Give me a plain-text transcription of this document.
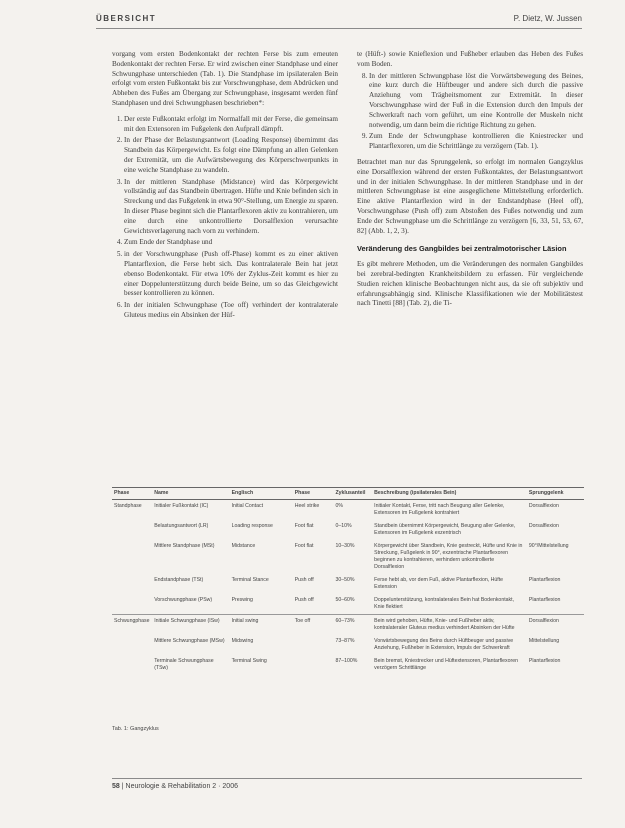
ÜBERSICHT	P. Dietz, W. Jussen

vorgang vom ersten Bodenkontakt der rechten Ferse bis zum erneuten Bodenkontakt der rechten Ferse. Er wird zwischen einer Standphase und einer Schwungphase unterschieden (Tab. 1). Die Standphase im ipsilateralen Bein erfolgt vom ersten Fußkontakt bis zur Vorschwungphase, dem Abdrücken und Abheben des Fußes am Übergang zur Schwungphase, insgesamt werden fünf Standphasen und drei Schwungphasen beschrieben*:

1. Der erste Fußkontakt erfolgt im Normalfall mit der Ferse, die gemeinsam mit den Extensoren im Fußgelenk den Aufprall dämpft.
2. In der Phase der Belastungsantwort (Loading Response) übernimmt das Standbein das Körpergewicht. Es folgt eine Dämpfung an allen Gelenken der Extremität, um die Aufwärtsbewegung des Körperschwerpunkts in eine weiche Standphase zu wandeln.
3. In der mittleren Standphase (Midstance) wird das Körpergewicht vollständig auf das Standbein übertragen. Hüfte und Knie befinden sich in Streckung und das Fußgelenk in etwa 90°-Stellung, um Energie zu sparen. In dieser Phase beginnt sich die Plantarflexoren aktiv zu kontrahieren, um eine durch eine unkontrollierte Dorsalflexion verursachte Gewichtsverlagerung nach vorn zu verhindern.
4. Zum Ende der Standphase und
5. in der Vorschwungphase (Push off-Phase) kommt es zu einer aktiven Plantarflexion, die Ferse hebt sich. Das kontralaterale Bein hat jetzt ebenso Bodenkontakt. Für etwa 10% der Zyklus-Zeit kommt es hier zu einer Doppelunterstützung durch beide Beine, um so das Gleichgewicht besser kontrollieren zu können.
6. In der initialen Schwungphase (Toe off) verhindert der kontralaterale Gluteus medius ein Absinken der Hüf-
te (Hüft-) sowie Knieflexion und Fußheber erlauben das Heben des Fußes vom Boden.
8. In der mittleren Schwungphase löst die Vorwärtsbewegung des Beines, eine kurz durch die Hüftbeuger und andere sich durch die passive Anziehung vom Trägheitsmoment zur Extremität. In dieser Vorschwungphase wird der Fuß in die Extension durch den Impuls der Schwerkraft nach vorn geführt, um eine Kontrolle der Muskeln nicht notwendig, um dann beim die richtige Richtung zu gehen.
9. Zum Ende der Schwungphase kontrollieren die Kniestrecker und Plantarflexoren, um die Schrittlänge zu verzögern (Tab. 1).

Betrachtet man nur das Sprunggelenk, so erfolgt im normalen Gangzyklus eine Dorsalflexion während der ersten Fußkontaktes, der Belastungsantwort und in der initialen Schwungphase. In der mittleren Standphase und in der mittleren Schwungphase ist eine ausgeglichene Mittelstellung erforderlich. Eine aktive Plantarflexion wird in der Endstandphase (Heel off), Vorschwungphase (Push off) zum Abstoßen des Fußes notwendig und zum Ende der Schwungphase um die Schrittlänge zu verzögern [6, 33, 51, 53, 67, 82] (Abb. 1, 2, 3).

Veränderung des Gangbildes bei zentralmotorischer Läsion

Es gibt mehrere Methoden, um die Veränderungen des normalen Gangbildes bei zerebral-bedingten Krankheitsbildern zu erfassen. Für vergleichende Studien reichen klinische Beobachtungen nicht aus, da sie oft subjektiv und erfahrungsabhängig sind. Klinische Klassifikationen wie der Mobilitätstest nach Tinetti [88] (Tab. 2), die Ti-

Phase	Name	Englisch	Phase	Zyklusanteil	Beschreibung (ipsilaterales Bein)	Sprunggelenk
Standphase	Initialer Fußkontakt (IC)	Initial Contact	Heel strike	0%	Initialer Kontakt, Ferse, tritt nach Beugung aller Gelenke, Extensoren im Fußgelenk kontrahiert	Dorsalflexion
	Belastungsantwort (LR)	Loading response	Foot flat	0–10%	Standbein übernimmt Körpergewicht, Beugung aller Gelenke, Extensoren im Fußgelenk exzentrisch	Dorsalflexion
	Mittlere Standphase (MSt)	Midstance	Foot flat	10–30%	Körpergewicht über Standbein, Knie gestreckt, Hüfte und Knie in Streckung, Fußgelenk in 90°, exzentrische Plantarflexoren beginnen zu kontrahieren, verhindern unkontrollierte Dorsalflexion	90°/Mittelstellung
	Endstandphase (TSt)	Terminal Stance	Push off	30–50%	Ferse hebt ab, vor dem Fuß, aktive Plantarflexion, Hüfte Extension	Plantarflexion
	Vorschwungphase (PSw)	Preswing	Push off	50–60%	Doppelunterstützung, kontralaterales Bein hat Bodenkontakt, Knie flektiert	Plantarflexion
Schwungphase	Initiale Schwungphase (ISw)	Initial swing	Toe off	60–73%	Bein wird gehoben, Hüfte, Knie- und Fußheber aktiv, kontralateraler Gluteus medius verhindert Absinken der Hüfte	Dorsalflexion
	Mittlere Schwungphase (MSw)	Midswing		73–87%	Vorwärtsbewegung des Beins durch Hüftbeuger und passive Anziehung, Fußheber in Extension, Impuls der Schwerkraft	Mittelstellung
	Terminale Schwungphase (TSw)	Terminal Swing		87–100%	Bein bremst, Kniestrecker und Hüftextensoren, Plantarflexoren verzögern Schrittlänge	Plantarflexion
Tab. 1: Gangzyklus
58 | Neurologie & Rehabilitation 2 · 2006
